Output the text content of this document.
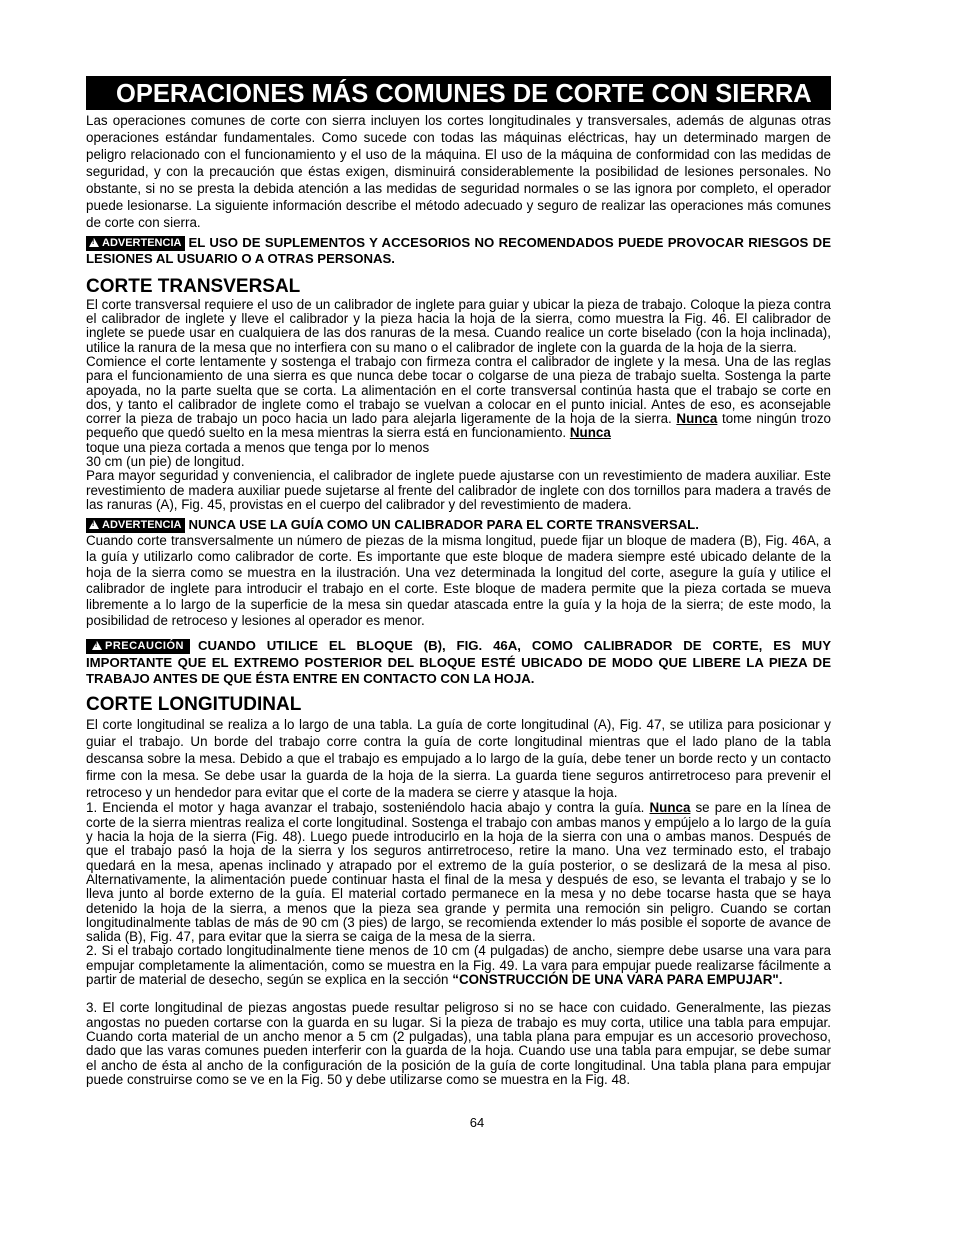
OPERACIONES MÁS COMUNES DE CORTE CON SIERRA

Las operaciones comunes de corte con sierra incluyen los cortes longitudinales y transversales, además de algunas otras operaciones estándar fundamentales. Como sucede con todas las máquinas eléctricas, hay un determinado margen de peligro relacionado con el funcionamiento y el uso de la máquina. El uso de la máquina de conformidad con las medidas de seguridad, y con la precaución que éstas exigen, disminuirá considerablemente la posibilidad de lesiones personales. No obstante, si no se presta la debida atención a las medidas de seguridad normales o se las ignora por completo, el operador puede lesionarse. La siguiente información describe el método adecuado y seguro de realizar las operaciones más comunes de corte con sierra.

!ADVERTENCIA EL USO DE SUPLEMENTOS Y ACCESORIOS NO RECOMENDADOS PUEDE PROVOCAR RIESGOS DE LESIONES AL USUARIO O A OTRAS PERSONAS.

CORTE TRANSVERSAL

El corte transversal requiere el uso de un calibrador de inglete para guiar y ubicar la pieza de trabajo. Coloque la pieza contra el calibrador de inglete y lleve el calibrador y la pieza hacia la hoja de la sierra, como muestra la Fig. 46. El calibrador de inglete se puede usar en cualquiera de las dos ranuras de la mesa. Cuando realice un corte biselado (con la hoja inclinada), utilice la ranura de la mesa que no interfiera con su mano o el calibrador de inglete con la guarda de la hoja de la sierra.

Comience el corte lentamente y sostenga el trabajo con firmeza contra el calibrador de inglete y la mesa. Una de las reglas para el funcionamiento de una sierra es que nunca debe tocar o colgarse de una pieza de trabajo suelta. Sostenga la parte apoyada, no la parte suelta que se corta. La alimentación en el corte transversal continúa hasta que el trabajo se corte en dos, y tanto el calibrador de inglete como el trabajo se vuelvan a colocar en el punto inicial. Antes de eso, es aconsejable correr la pieza de trabajo un poco hacia un lado para alejarla ligeramente de la hoja de la sierra. Nunca tome ningún trozo pequeño que quedó suelto en la mesa mientras la sierra está en funcionamiento. Nunca

toque una pieza cortada a menos que tenga por lo menos

30 cm (un pie) de longitud.

Para mayor seguridad y conveniencia, el calibrador de inglete puede ajustarse con un revestimiento de madera auxiliar. Este revestimiento de madera auxiliar puede sujetarse al frente del calibrador de inglete con dos tornillos para madera a través de las ranuras (A), Fig. 45, provistas en el cuerpo del calibrador y del revestimiento de madera.

!ADVERTENCIA NUNCA USE LA GUÍA COMO UN CALIBRADOR PARA EL CORTE TRANSVERSAL.

Cuando corte transversalmente un número de piezas de la misma longitud, puede fijar un bloque de madera (B), Fig. 46A, a la guía y utilizarlo como calibrador de corte. Es importante que este bloque de madera siempre esté ubicado delante de la hoja de la sierra como se muestra en la ilustración. Una vez determinada la longitud del corte, asegure la guía y utilice el calibrador de inglete para introducir el trabajo en el corte. Este bloque de madera permite que la pieza cortada se mueva libremente a lo largo de la superficie de la mesa sin quedar atascada entre la guía y la hoja de la sierra; de este modo, la posibilidad de retroceso y lesiones al operador es menor.

!PRECAUCIÓN CUANDO UTILICE EL BLOQUE (B), FIG. 46A, COMO CALIBRADOR DE CORTE, ES MUY IMPORTANTE QUE EL EXTREMO POSTERIOR DEL BLOQUE ESTÉ UBICADO DE MODO QUE LIBERE LA PIEZA DE TRABAJO ANTES DE QUE ÉSTA ENTRE EN CONTACTO CON LA HOJA.

CORTE LONGITUDINAL

El corte longitudinal se realiza a lo largo de una tabla. La guía de corte longitudinal (A), Fig. 47, se utiliza para posicionar y guiar el trabajo. Un borde del trabajo corre contra la guía de corte longitudinal mientras que el lado plano de la tabla descansa sobre la mesa. Debido a que el trabajo es empujado a lo largo de la guía, debe tener un borde recto y un contacto firme con la mesa. Se debe usar la guarda de la hoja de la sierra. La guarda tiene seguros antirretroceso para prevenir el retroceso y un hendedor para evitar que el corte de la madera se cierre y atasque la hoja.

1. Encienda el motor y haga avanzar el trabajo, sosteniéndolo hacia abajo y contra la guía. Nunca se pare en la línea de corte de la sierra mientras realiza el corte longitudinal. Sostenga el trabajo con ambas manos y empújelo a lo largo de la guía y hacia la hoja de la sierra (Fig. 48). Luego puede introducirlo en la hoja de la sierra con una o ambas manos. Después de que el trabajo pasó la hoja de la sierra y los seguros antirretroceso, retire la mano. Una vez terminado esto, el trabajo quedará en la mesa, apenas inclinado y atrapado por el extremo de la guía posterior, o se deslizará de la mesa al piso. Alternativamente, la alimentación puede continuar hasta el final de la mesa y después de eso, se levanta el trabajo y se lo lleva junto al borde externo de la guía. El material cortado permanece en la mesa y no debe tocarse hasta que se haya detenido la hoja de la sierra, a menos que la pieza sea grande y permita una remoción sin peligro. Cuando se cortan longitudinalmente tablas de más de 90 cm (3 pies) de largo, se recomienda extender lo más posible el soporte de avance de salida (B), Fig. 47, para evitar que la sierra se caiga de la mesa de la sierra.

2. Si el trabajo cortado longitudinalmente tiene menos de 10 cm (4 pulgadas) de ancho, siempre debe usarse una vara para empujar completamente la alimentación, como se muestra en la Fig. 49. La vara para empujar puede realizarse fácilmente a partir de material de desecho, según se explica en la sección “CONSTRUCCIÓN DE UNA VARA PARA EMPUJAR".

3. El corte longitudinal de piezas angostas puede resultar peligroso si no se hace con cuidado. Generalmente, las piezas angostas no pueden cortarse con la guarda en su lugar. Si la pieza de trabajo es muy corta, utilice una tabla para empujar. Cuando corta material de un ancho menor a 5 cm (2 pulgadas), una tabla plana para empujar es un accesorio provechoso, dado que las varas comunes pueden interferir con la guarda de la hoja. Cuando use una tabla para empujar, se debe sumar el ancho de ésta al ancho de la configuración de la posición de la guía de corte longitudinal. Una tabla plana para empujar puede construirse como se ve en la Fig. 50 y debe utilizarse como se muestra en la Fig. 48.

64
